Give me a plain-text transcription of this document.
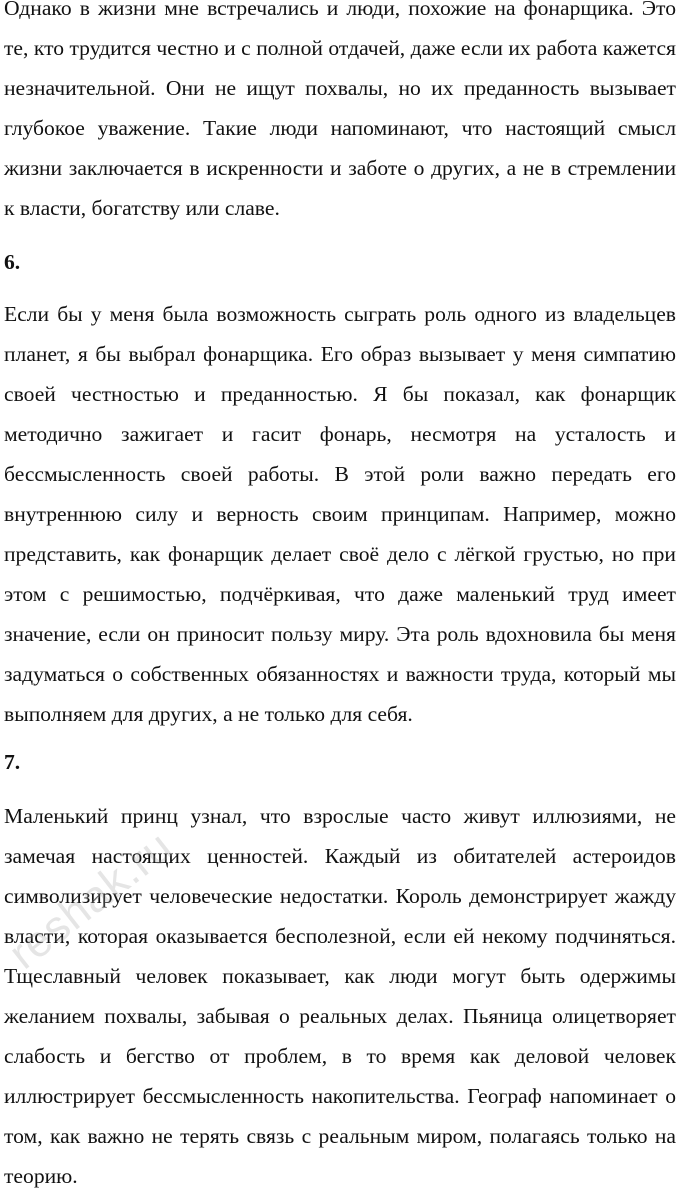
Однако в жизни мне встречались и люди, похожие на фонарщика. Это те, кто трудится честно и с полной отдачей, даже если их работа кажется незначительной. Они не ищут похвалы, но их преданность вызывает глубокое уважение. Такие люди напоминают, что настоящий смысл жизни заключается в искренности и заботе о других, а не в стремлении к власти, богатству или славе.

6.

Если бы у меня была возможность сыграть роль одного из владельцев планет, я бы выбрал фонарщика. Его образ вызывает у меня симпатию своей честностью и преданностью. Я бы показал, как фонарщик методично зажигает и гасит фонарь, несмотря на усталость и бессмысленность своей работы. В этой роли важно передать его внутреннюю силу и верность своим принципам. Например, можно представить, как фонарщик делает своё дело с лёгкой грустью, но при этом с решимостью, подчёркивая, что даже маленький труд имеет значение, если он приносит пользу миру. Эта роль вдохновила бы меня задуматься о собственных обязанностях и важности труда, который мы выполняем для других, а не только для себя.

7.

Маленький принц узнал, что взрослые часто живут иллюзиями, не замечая настоящих ценностей. Каждый из обитателей астероидов символизирует человеческие недостатки. Король демонстрирует жажду власти, которая оказывается бесполезной, если ей некому подчиняться. Тщеславный человек показывает, как люди могут быть одержимы желанием похвалы, забывая о реальных делах. Пьяница олицетворяет слабость и бегство от проблем, в то время как деловой человек иллюстрирует бессмысленность накопительства. Географ напоминает о том, как важно не терять связь с реальным миром, полагаясь только на теорию.

reshak.ru
